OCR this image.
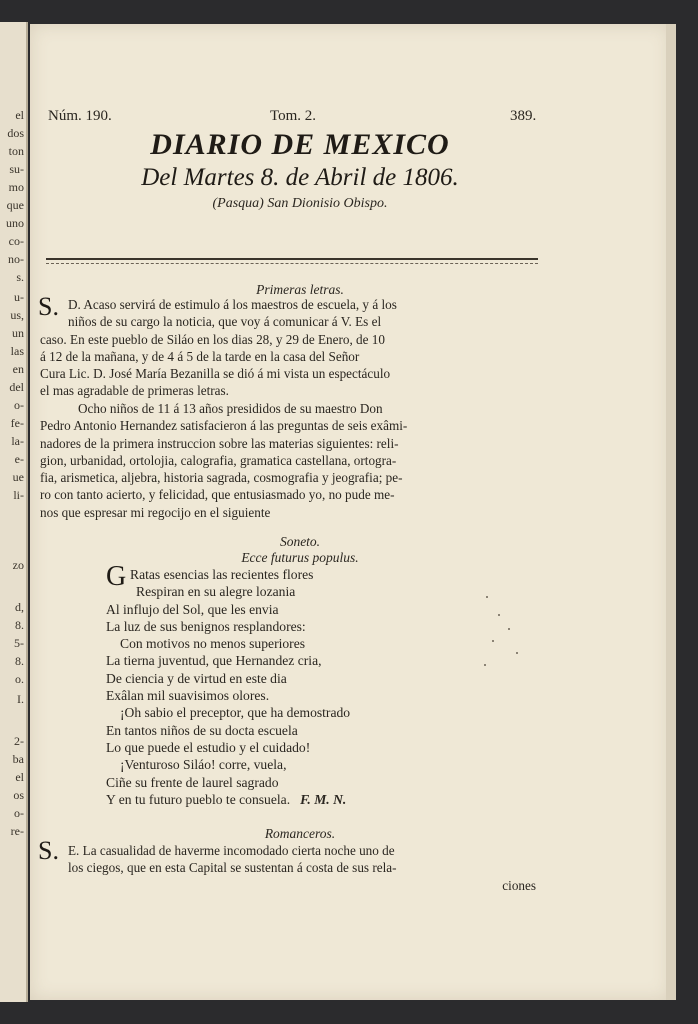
el
dos
ton
su-
mo
que
uno
co-
no-
s.
u-
us,
un
las
en
del
o-
fe-
la-
e-
ue
li-
zo
d,
8.
5-
8.
o.
I.
2-
ba
el
os
o-
re-
Núm. 190.	Tom. 2.	389.
DIARIO DE MEXICO
Del Martes 8. de Abril de 1806.
(Pasqua) San Dionisio Obispo.
Primeras letras.
S. D. Acaso servirá de estimulo á los maestros de escuela, y á los
niños de su cargo la noticia, que voy á comunicar á V. Es el
caso. En este pueblo de Siláo en los dias 28, y 29 de Enero, de 10
á 12 de la mañana, y de 4 á 5 de la tarde en la casa del Señor
Cura Lic. D. José María Bezanilla se dió á mi vista un espectáculo
el mas agradable de primeras letras.
Ocho niños de 11 á 13 años presididos de su maestro Don
Pedro Antonio Hernandez satisfacieron á las preguntas de seis exâmi-
nadores de la primera instruccion sobre las materias siguientes: reli-
gion, urbanidad, ortolojia, calografia, gramatica castellana, ortogra-
fia, arismetica, aljebra, historia sagrada, cosmografia y jeografia; pe-
ro con tanto acierto, y felicidad, que entusiasmado yo, no pude me-
nos que espresar mi regocijo en el siguiente
Soneto.
Ecce futurus populus.
G Ratas esencias las recientes flores
Respiran en su alegre lozania
Al influjo del Sol, que les envia
La luz de sus benignos resplandores:
Con motivos no menos superiores
La tierna juventud, que Hernandez cria,
De ciencia y de virtud en este dia
Exâlan mil suavisimos olores.
¡Oh sabio el preceptor, que ha demostrado
En tantos niños de su docta escuela
Lo que puede el estudio y el cuidado!
¡Venturoso Siláo! corre, vuela,
Ciñe su frente de laurel sagrado
Y en tu futuro pueblo te consuela. F. M. N.
Romanceros.
S. E. La casualidad de haverme incomodado cierta noche uno de
los ciegos, que en esta Capital se sustentan á costa de sus rela-
ciones
